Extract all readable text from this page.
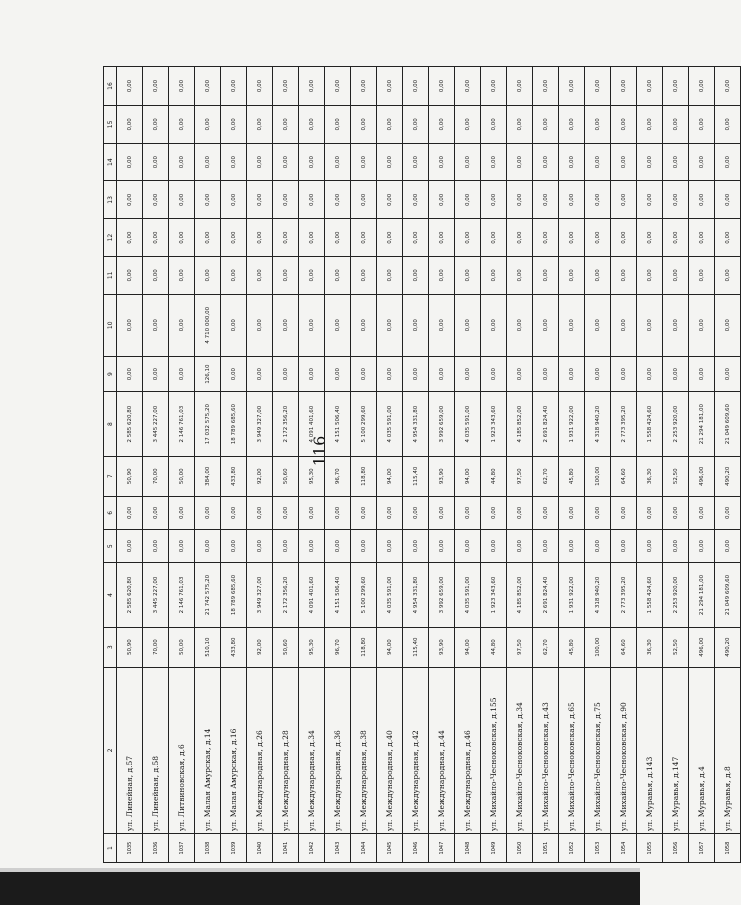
116
1	2	3	4	5	6	7	8	9	10	11	12	13	14	15	16
1035	ул. Линейная, д.57	50,90	2 585 620,80	0,00	0,00	50,90	2 585 620,80	0,00	0,00	0,00	0,00	0,00	0,00	0,00	0,00
1036	ул. Линейная, д.58	70,00	3 445 227,00	0,00	0,00	70,00	3 445 227,00	0,00	0,00	0,00	0,00	0,00	0,00	0,00	0,00
1037	ул. Литвиновская, д.6	50,00	2 146 761,03	0,00	0,00	50,00	2 146 761,03	0,00	0,00	0,00	0,00	0,00	0,00	0,00	0,00
1038	ул. Малая Амурская, д.14	510,10	21 742 575,20	0,00	0,00	384,00	17 032 575,20	126,10	4 710 000,00	0,00	0,00	0,00	0,00	0,00	0,00
1039	ул. Малая Амурская, д.16	433,80	18 789 685,60	0,00	0,00	433,80	18 789 685,60	0,00	0,00	0,00	0,00	0,00	0,00	0,00	0,00
1040	ул. Международная, д.26	92,00	3 949 327,00	0,00	0,00	92,00	3 949 327,00	0,00	0,00	0,00	0,00	0,00	0,00	0,00	0,00
1041	ул. Международная, д.28	50,60	2 172 356,20	0,00	0,00	50,60	2 172 356,20	0,00	0,00	0,00	0,00	0,00	0,00	0,00	0,00
1042	ул. Международная, д.34	95,30	4 091 401,60	0,00	0,00	95,30	4 091 401,60	0,00	0,00	0,00	0,00	0,00	0,00	0,00	0,00
1043	ул. Международная, д.36	96,70	4 151 506,40	0,00	0,00	96,70	4 151 506,40	0,00	0,00	0,00	0,00	0,00	0,00	0,00	0,00
1044	ул. Международная, д.38	118,80	5 100 299,60	0,00	0,00	118,80	5 100 299,60	0,00	0,00	0,00	0,00	0,00	0,00	0,00	0,00
1045	ул. Международная, д.40	94,00	4 035 591,00	0,00	0,00	94,00	4 035 591,00	0,00	0,00	0,00	0,00	0,00	0,00	0,00	0,00
1046	ул. Международная, д.42	115,40	4 954 331,80	0,00	0,00	115,40	4 954 331,80	0,00	0,00	0,00	0,00	0,00	0,00	0,00	0,00
1047	ул. Международная, д.44	93,90	3 992 659,00	0,00	0,00	93,90	3 992 659,00	0,00	0,00	0,00	0,00	0,00	0,00	0,00	0,00
1048	ул. Международная, д.46	94,00	4 035 591,00	0,00	0,00	94,00	4 035 591,00	0,00	0,00	0,00	0,00	0,00	0,00	0,00	0,00
1049	ул. Михайло-Чесноковская, д.155	44,80	1 923 343,60	0,00	0,00	44,80	1 923 343,60	0,00	0,00	0,00	0,00	0,00	0,00	0,00	0,00
1050	ул. Михайло-Чесноковская, д.34	97,50	4 185 852,00	0,00	0,00	97,50	4 185 852,00	0,00	0,00	0,00	0,00	0,00	0,00	0,00	0,00
1051	ул. Михайло-Чесноковская, д.43	62,70	2 691 824,40	0,00	0,00	62,70	2 691 824,40	0,00	0,00	0,00	0,00	0,00	0,00	0,00	0,00
1052	ул. Михайло-Чесноковская, д.65	45,80	1 931 922,00	0,00	0,00	45,80	1 931 922,00	0,00	0,00	0,00	0,00	0,00	0,00	0,00	0,00
1053	ул. Михайло-Чесноковская, д.75	100,00	4 318 940,20	0,00	0,00	100,00	4 318 940,20	0,00	0,00	0,00	0,00	0,00	0,00	0,00	0,00
1054	ул. Михайло-Чесноковская, д.90	64,60	2 773 395,20	0,00	0,00	64,60	2 773 395,20	0,00	0,00	0,00	0,00	0,00	0,00	0,00	0,00
1055	ул. Муравья, д.143	36,30	1 558 424,60	0,00	0,00	36,30	1 558 424,60	0,00	0,00	0,00	0,00	0,00	0,00	0,00	0,00
1056	ул. Муравья, д.147	52,50	2 253 920,00	0,00	0,00	52,50	2 253 920,00	0,00	0,00	0,00	0,00	0,00	0,00	0,00	0,00
1057	ул. Муравья, д.4	496,00	21 294 181,00	0,00	0,00	496,00	21 294 181,00	0,00	0,00	0,00	0,00	0,00	0,00	0,00	0,00
1058	ул. Муравья, д.8	490,20	21 049 609,60	0,00	0,00	490,20	21 049 609,60	0,00	0,00	0,00	0,00	0,00	0,00	0,00	0,00
